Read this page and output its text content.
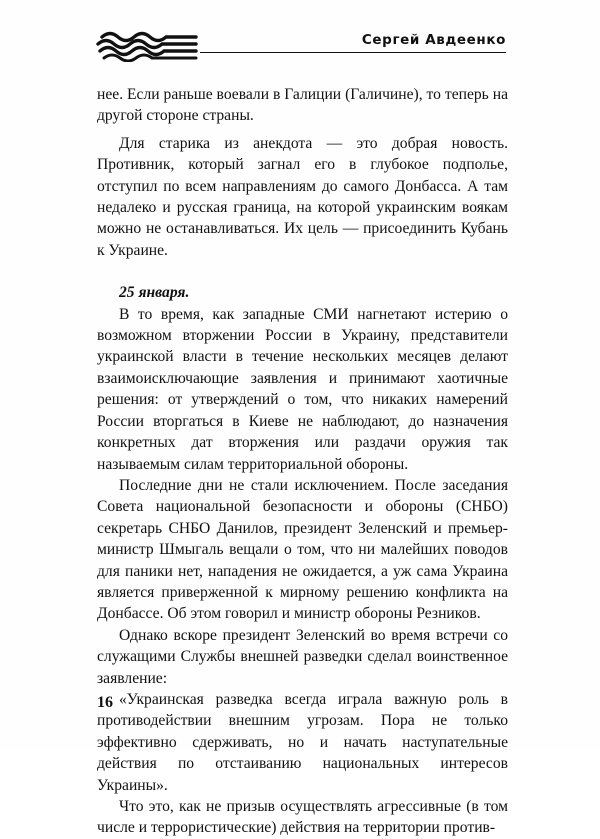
Сергей Авдеенко

нее. Если раньше воевали в Галиции (Галичине), то теперь на другой стороне страны.

Для старика из анекдота — это добрая новость. Противник, который загнал его в глубокое подполье, отступил по всем направлениям до самого Донбасса. А там недалеко и русская граница, на которой украинским воякам можно не останавливаться. Их цель — присоединить Кубань к Украине.

25 января.

В то время, как западные СМИ нагнетают истерию о возможном вторжении России в Украину, представители украинской власти в течение нескольких месяцев делают взаимоисключающие заявления и принимают хаотичные решения: от утверждений о том, что никаких намерений России вторгаться в Киеве не наблюдают, до назначения конкретных дат вторжения или раздачи оружия так называемым силам территориальной обороны.

Последние дни не стали исключением. После заседания Совета национальной безопасности и обороны (СНБО) секретарь СНБО Данилов, президент Зеленский и премьер-министр Шмыгаль вещали о том, что ни малейших поводов для паники нет, нападения не ожидается, а уж сама Украина является приверженной к мирному решению конфликта на Донбассе. Об этом говорил и министр обороны Резников.

Однако вскоре президент Зеленский во время встречи со служащими Службы внешней разведки сделал воинственное заявление:

«Украинская разведка всегда играла важную роль в противодействии внешним угрозам. Пора не только эффективно сдерживать, но и начать наступательные действия по отстаиванию национальных интересов Украины».

Что это, как не призыв осуществлять агрессивные (в том числе и террористические) действия на территории против-

16
